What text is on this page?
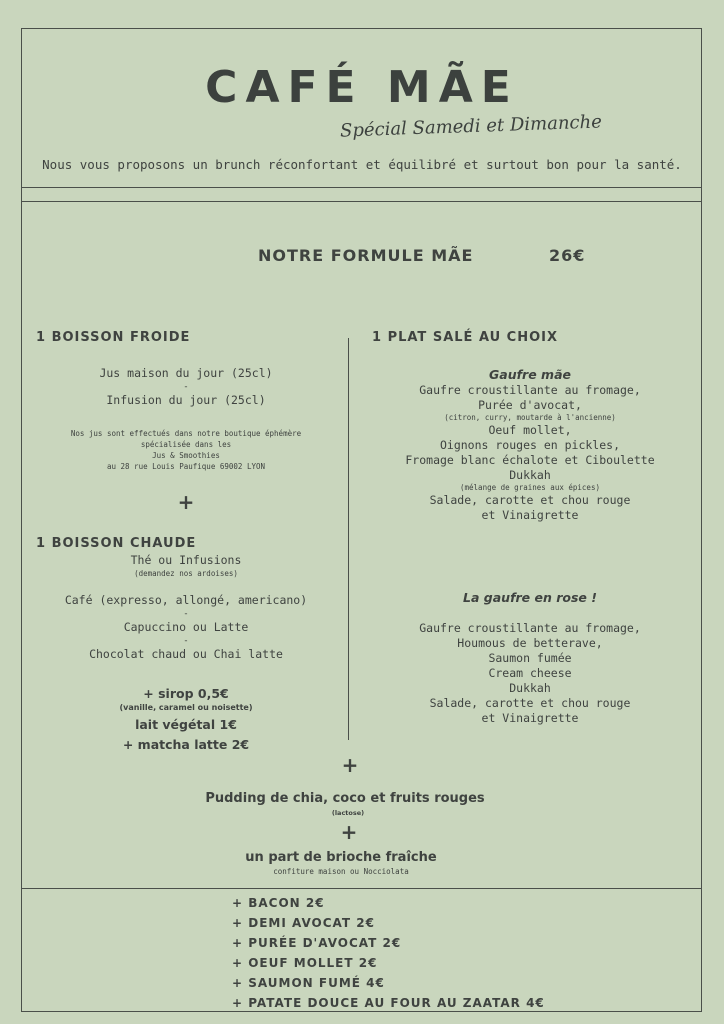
CAFÉ MÃE
Spécial Samedi et Dimanche
Nous vous proposons un brunch réconfortant et équilibré et surtout bon pour la santé.
NOTRE FORMULE MÃE	26€
1 BOISSON FROIDE
Jus maison du jour (25cl)
-
Infusion du jour (25cl)
Nos jus sont effectués dans notre boutique éphémère
spécialisée dans les
Jus & Smoothies
au 28 rue Louis Paufique 69002 LYON
+
1 BOISSON CHAUDE
Thé ou Infusions
(demandez nos ardoises)
Café (expresso, allongé, americano)
-
Capuccino ou Latte
-
Chocolat chaud ou Chai latte
+ sirop 0,5€
(vanille, caramel ou noisette)
lait végétal 1€
+ matcha latte 2€
1 PLAT SALÉ AU CHOIX
Gaufre mãe
Gaufre croustillante au fromage,
Purée d'avocat,
(citron, curry, moutarde à l'ancienne)
Oeuf mollet,
Oignons rouges en pickles,
Fromage blanc échalote et Ciboulette
Dukkah
(mélange de graines aux épices)
Salade, carotte et chou rouge
et Vinaigrette
La gaufre en rose !
Gaufre croustillante au fromage,
Houmous de betterave,
Saumon fumée
Cream cheese
Dukkah
Salade, carotte et chou rouge
et Vinaigrette
+
Pudding de chia, coco et fruits rouges
(lactose)
+
un part de brioche fraîche
confiture maison ou Nocciolata
+ BACON 2€
+ DEMI AVOCAT 2€
+ PURÉE D'AVOCAT 2€
+ OEUF MOLLET 2€
+ SAUMON FUMÉ 4€
+ PATATE DOUCE AU FOUR AU ZAATAR 4€
